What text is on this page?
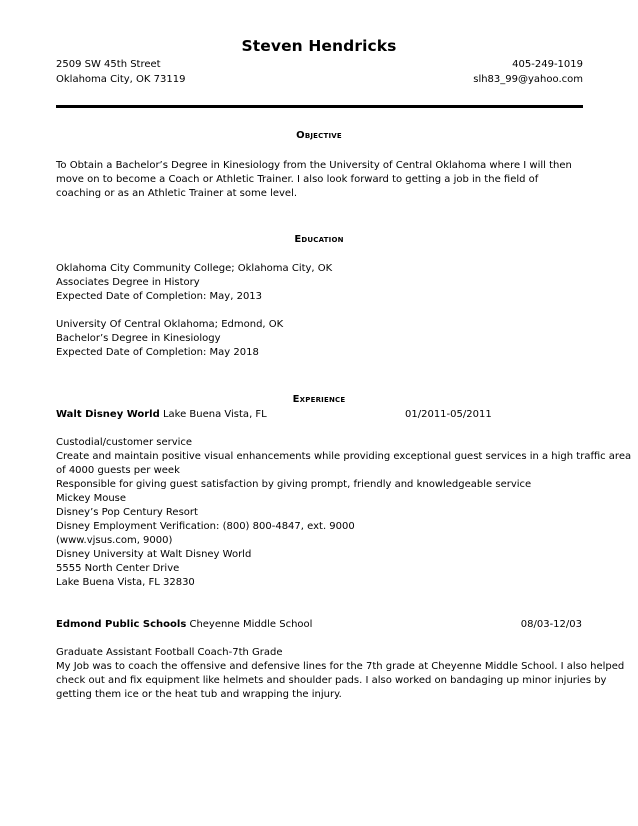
Steven Hendricks
2509 SW 45th Street
Oklahoma City, OK 73119
405-249-1019
slh83_99@yahoo.com
Objective
To Obtain a Bachelor’s Degree in Kinesiology from the University of Central Oklahoma where I will then move on to become a Coach or Athletic Trainer. I also look forward to getting a job in the field of coaching or as an Athletic Trainer at some level.
Education
Oklahoma City Community College; Oklahoma City, OK
Associates Degree in History
Expected Date of Completion: May, 2013
University Of Central Oklahoma; Edmond, OK
Bachelor’s Degree in Kinesiology
Expected Date of Completion: May 2018
Experience
Walt Disney World Lake Buena Vista, FL	01/2011-05/2011
Custodial/customer service
Create and maintain positive visual enhancements while providing exceptional guest services in a high traffic area
of 4000 guests per week
Responsible for giving guest satisfaction by giving prompt, friendly and knowledgeable service
Mickey Mouse
Disney’s Pop Century Resort
Disney Employment Verification: (800) 800-4847, ext. 9000
(www.vjsus.com, 9000)
Disney University at Walt Disney World
5555 North Center Drive
Lake Buena Vista, FL 32830
Edmond Public Schools Cheyenne Middle School	08/03-12/03
Graduate Assistant Football Coach-7th Grade
My Job was to coach the offensive and defensive lines for the 7th grade at Cheyenne Middle School. I also helped
check out and fix equipment like helmets and shoulder pads. I also worked on bandaging up minor injuries by
getting them ice or the heat tub and wrapping the injury.
